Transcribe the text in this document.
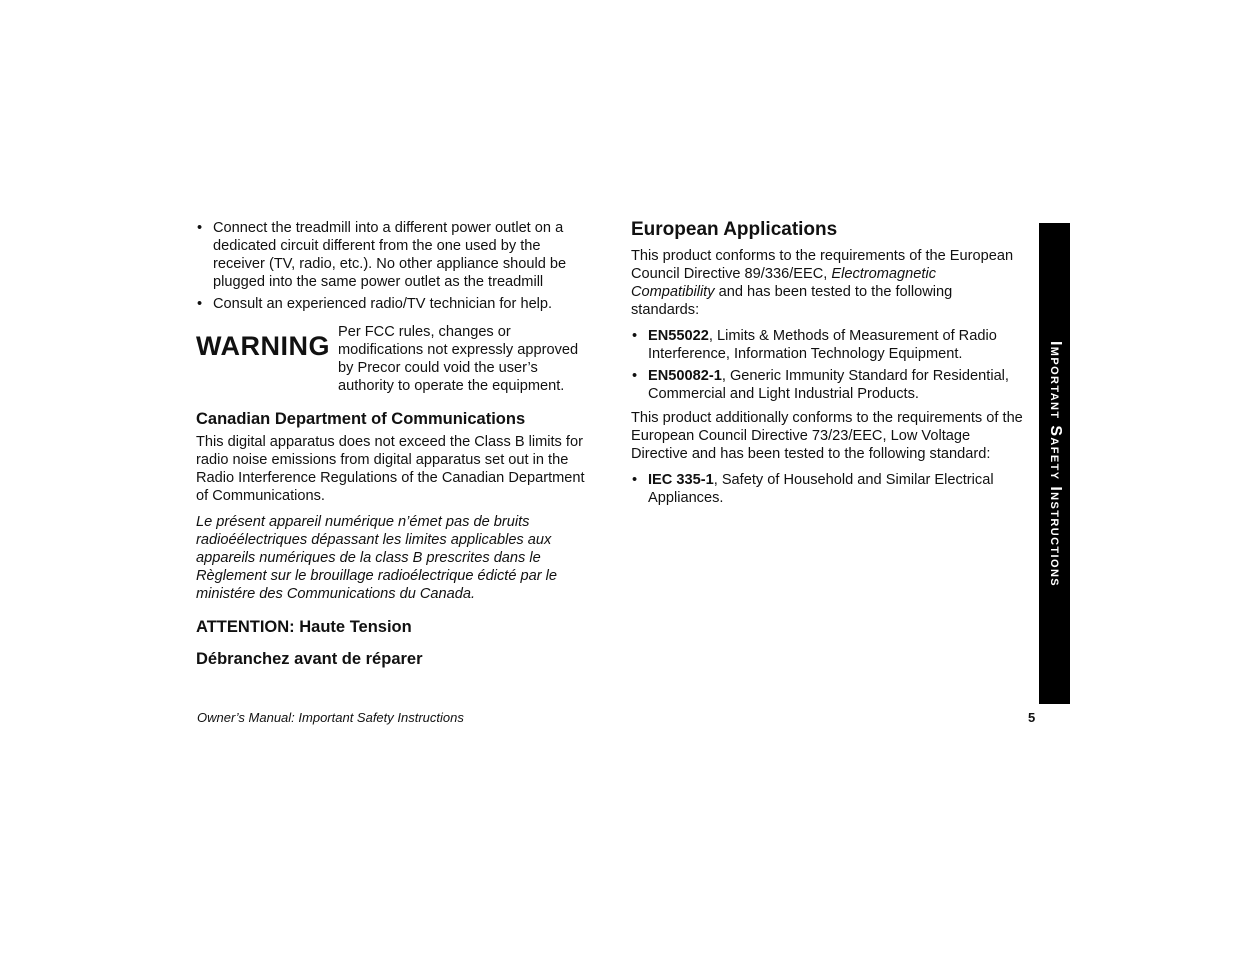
• Connect the treadmill into a different power outlet on a dedicated circuit different from the one used by the receiver (TV, radio, etc.). No other appliance should be plugged into the same power outlet as the treadmill
• Consult an experienced radio/TV technician for help.
WARNING Per FCC rules, changes or modifications not expressly approved by Precor could void the user’s authority to operate the equipment.
Canadian Department of Communications

This digital apparatus does not exceed the Class B limits for radio noise emissions from digital apparatus set out in the Radio Interference Regulations of the Canadian Department of Communications.

Le présent appareil numérique n’émet pas de bruits radioéélectriques dépassant les limites applicables aux appareils numériques de la class B prescrites dans le Règlement sur le brouillage radioélectrique édicté par le ministére des Communications du Canada.

ATTENTION: Haute Tension
Débranchez avant de réparer
European Applications

This product conforms to the requirements of the European Council Directive 89/336/EEC, Electromagnetic Compatibility and has been tested to the following standards:

• EN55022, Limits & Methods of Measurement of Radio Interference, Information Technology Equipment.
• EN50082-1, Generic Immunity Standard for Residential, Commercial and Light Industrial Products.

This product additionally conforms to the requirements of the European Council Directive 73/23/EEC, Low Voltage Directive and has been tested to the following standard:

• IEC 335-1, Safety of Household and Similar Electrical Appliances.
Owner’s Manual: Important Safety Instructions	5
Important Safety Instructions
